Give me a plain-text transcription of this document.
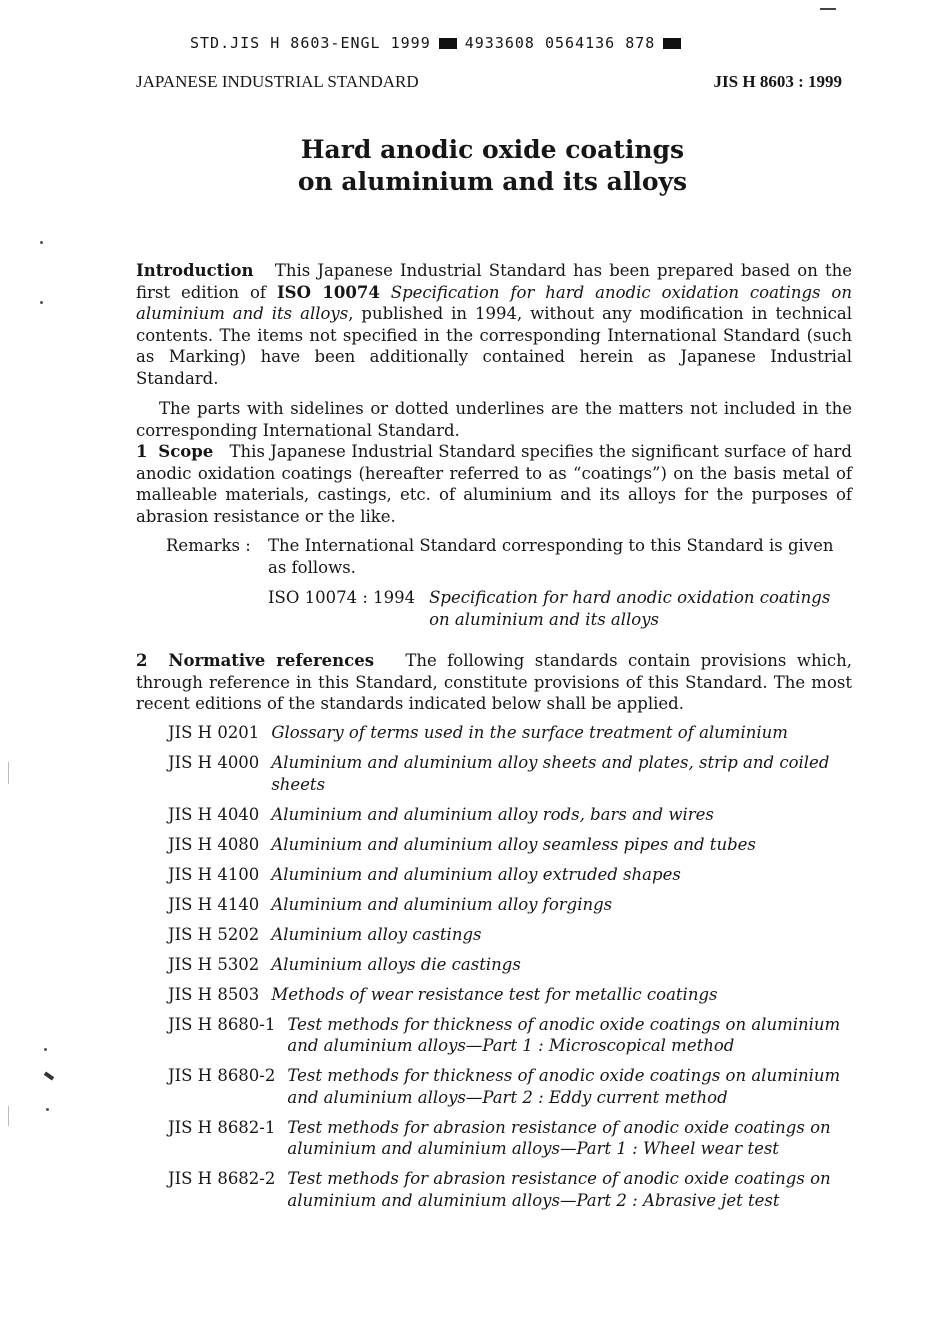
STD.JIS H 8603-ENGL 1999 4933608 0564136 878
JAPANESE INDUSTRIAL STANDARD	JIS H 8603 : 1999
Hard anodic oxide coatings
on aluminium and its alloys

Introduction This Japanese Industrial Standard has been prepared based on the first edition of ISO 10074 Specification for hard anodic oxidation coatings on aluminium and its alloys, published in 1994, without any modification in technical contents. The items not specified in the corresponding International Standard (such as Marking) have been additionally contained herein as Japanese Industrial Standard.

The parts with sidelines or dotted underlines are the matters not included in the corresponding International Standard.

1 Scope This Japanese Industrial Standard specifies the significant surface of hard anodic oxidation coatings (hereafter referred to as “coatings”) on the basis metal of malleable materials, castings, etc. of aluminium and its alloys for the purposes of abrasion resistance or the like.

Remarks :	The International Standard corresponding to this Standard is given as follows.
ISO 10074 : 1994 Specification for hard anodic oxidation coatings on aluminium and its alloys

2 Normative references The following standards contain provisions which, through reference in this Standard, constitute provisions of this Standard. The most recent editions of the standards indicated below shall be applied.

JIS H 0201 Glossary of terms used in the surface treatment of aluminium
JIS H 4000 Aluminium and aluminium alloy sheets and plates, strip and coiled sheets
JIS H 4040 Aluminium and aluminium alloy rods, bars and wires
JIS H 4080 Aluminium and aluminium alloy seamless pipes and tubes
JIS H 4100 Aluminium and aluminium alloy extruded shapes
JIS H 4140 Aluminium and aluminium alloy forgings
JIS H 5202 Aluminium alloy castings
JIS H 5302 Aluminium alloys die castings
JIS H 8503 Methods of wear resistance test for metallic coatings
JIS H 8680-1 Test methods for thickness of anodic oxide coatings on aluminium and aluminium alloys—Part 1 : Microscopical method
JIS H 8680-2 Test methods for thickness of anodic oxide coatings on aluminium and aluminium alloys—Part 2 : Eddy current method
JIS H 8682-1 Test methods for abrasion resistance of anodic oxide coatings on aluminium and aluminium alloys—Part 1 : Wheel wear test
JIS H 8682-2 Test methods for abrasion resistance of anodic oxide coatings on aluminium and aluminium alloys—Part 2 : Abrasive jet test
